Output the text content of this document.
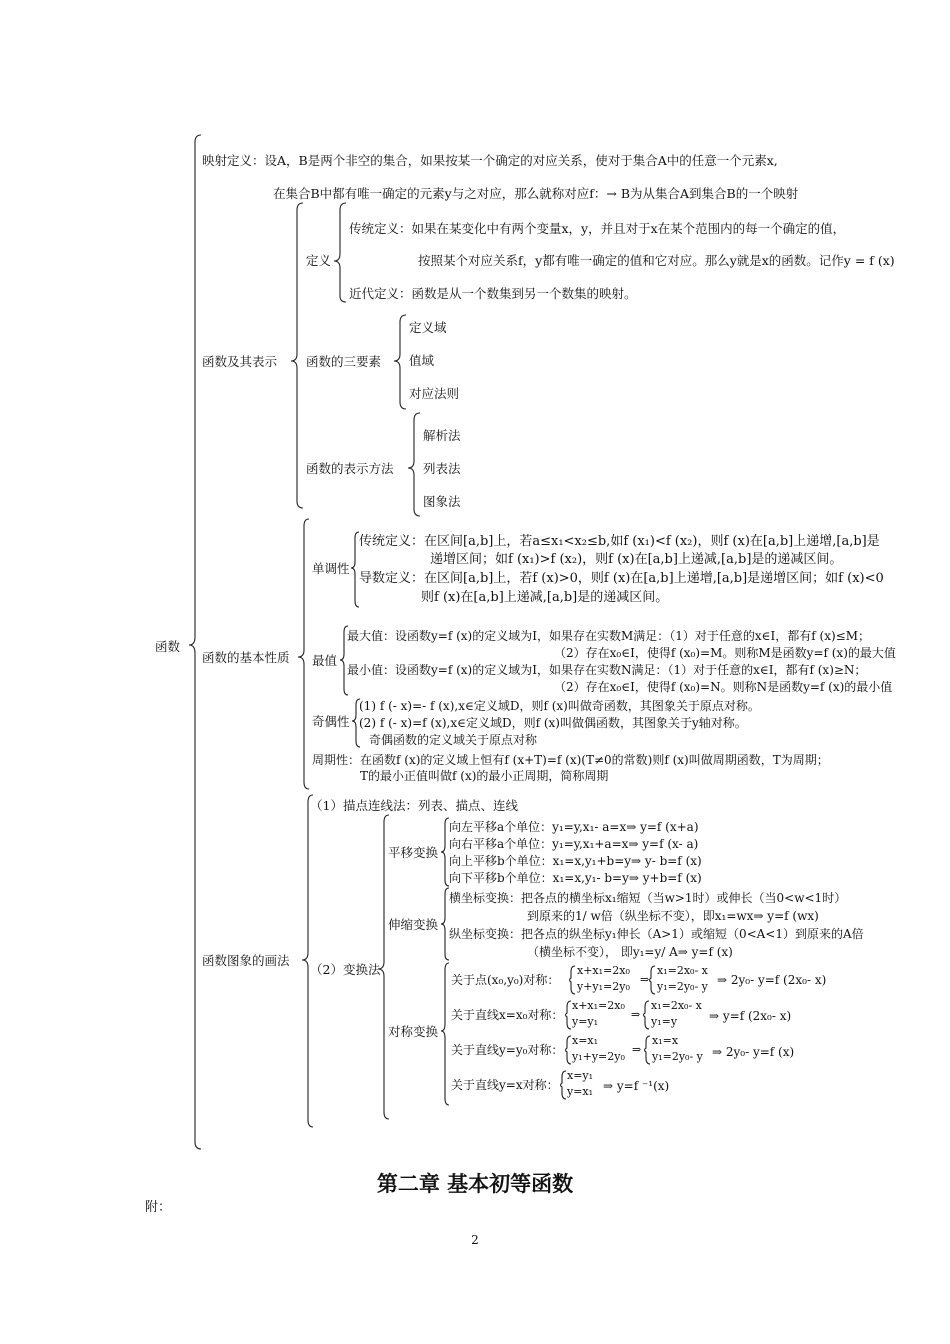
函数
映射定义：设A，B是两个非空的集合，如果按某一个确定的对应关系，使对于集合A中的任意一个元素x,
在集合B中都有唯一确定的元素y与之对应，那么就称对应f：→ B为从集合A到集合B的一个映射
函数及其表示
定义
传统定义：如果在某变化中有两个变量x，y，并且对于x在某个范围内的每一个确定的值，
按照某个对应关系f，y都有唯一确定的值和它对应。那么y就是x的函数。记作y = f (x)
近代定义：函数是从一个数集到另一个数集的映射。
函数的三要素
定义域
值域
对应法则
函数的表示方法
解析法
列表法
图象法
函数的基本性质
单调性
传统定义：在区间[a,b]上，若a≤x₁<x₂≤b,如f (x₁)<f (x₂)，则f (x)在[a,b]上递增,[a,b]是
递增区间；如f (x₁)>f (x₂)，则f (x)在[a,b]上递减,[a,b]是的递减区间。
导数定义：在区间[a,b]上，若f (x)>0，则f (x)在[a,b]上递增,[a,b]是递增区间；如f (x)<0
则f (x)在[a,b]上递减,[a,b]是的递减区间。
最值
最大值：设函数y=f (x)的定义域为I，如果存在实数M满足：（1）对于任意的x∈I，都有f (x)≤M；
（2）存在x₀∈I，使得f (x₀)=M。则称M是函数y=f (x)的最大值
最小值：设函数y=f (x)的定义域为I，如果存在实数N满足：（1）对于任意的x∈I，都有f (x)≥N；
（2）存在x₀∈I，使得f (x₀)=N。则称N是函数y=f (x)的最小值
奇偶性
(1) f (- x)=- f (x),x∈定义域D，则f (x)叫做奇函数，其图象关于原点对称。
(2) f (- x)=f (x),x∈定义域D，则f (x)叫做偶函数，其图象关于y轴对称。
奇偶函数的定义域关于原点对称
周期性：在函数f (x)的定义域上恒有f (x+T)=f (x)(T≠0的常数)则f (x)叫做周期函数，T为周期；
T的最小正值叫做f (x)的最小正周期，简称周期
函数图象的画法
（1）描点连线法：列表、描点、连线
（2）变换法
平移变换
向左平移a个单位：y₁=y,x₁- a=x⇒ y=f (x+a)
向右平移a个单位：y₁=y,x₁+a=x⇒ y=f (x- a)
向上平移b个单位：x₁=x,y₁+b=y⇒ y- b=f (x)
向下平移b个单位：x₁=x,y₁- b=y⇒ y+b=f (x)
伸缩变换
横坐标变换：把各点的横坐标x₁缩短（当w>1时）或伸长（当0<w<1时）
到原来的1/ w倍（纵坐标不变），即x₁=wx⇒ y=f (wx)
纵坐标变换：把各点的纵坐标y₁伸长（A>1）或缩短（0<A<1）到原来的A倍
（横坐标不变）， 即y₁=y/ A⇒ y=f (x)
对称变换
关于点(x₀,y₀)对称：
x+x₁=2x₀
y+y₁=2y₀
⇒
x₁=2x₀- x
y₁=2y₀- y ⇒ 2y₀- y=f (2x₀- x)
关于直线x=x₀对称：
x+x₁=2x₀
y=y₁
⇒
x₁=2x₀- x
y₁=y	⇒ y=f (2x₀- x)
关于直线y=y₀对称：
x=x₁
y₁+y=2y₀
⇒
x₁=x
y₁=2y₀- y ⇒ 2y₀- y=f (x)
关于直线y=x对称：
x=y₁
y=x₁ ⇒ y=f ⁻¹(x)
第二章 基本初等函数
附：
2
